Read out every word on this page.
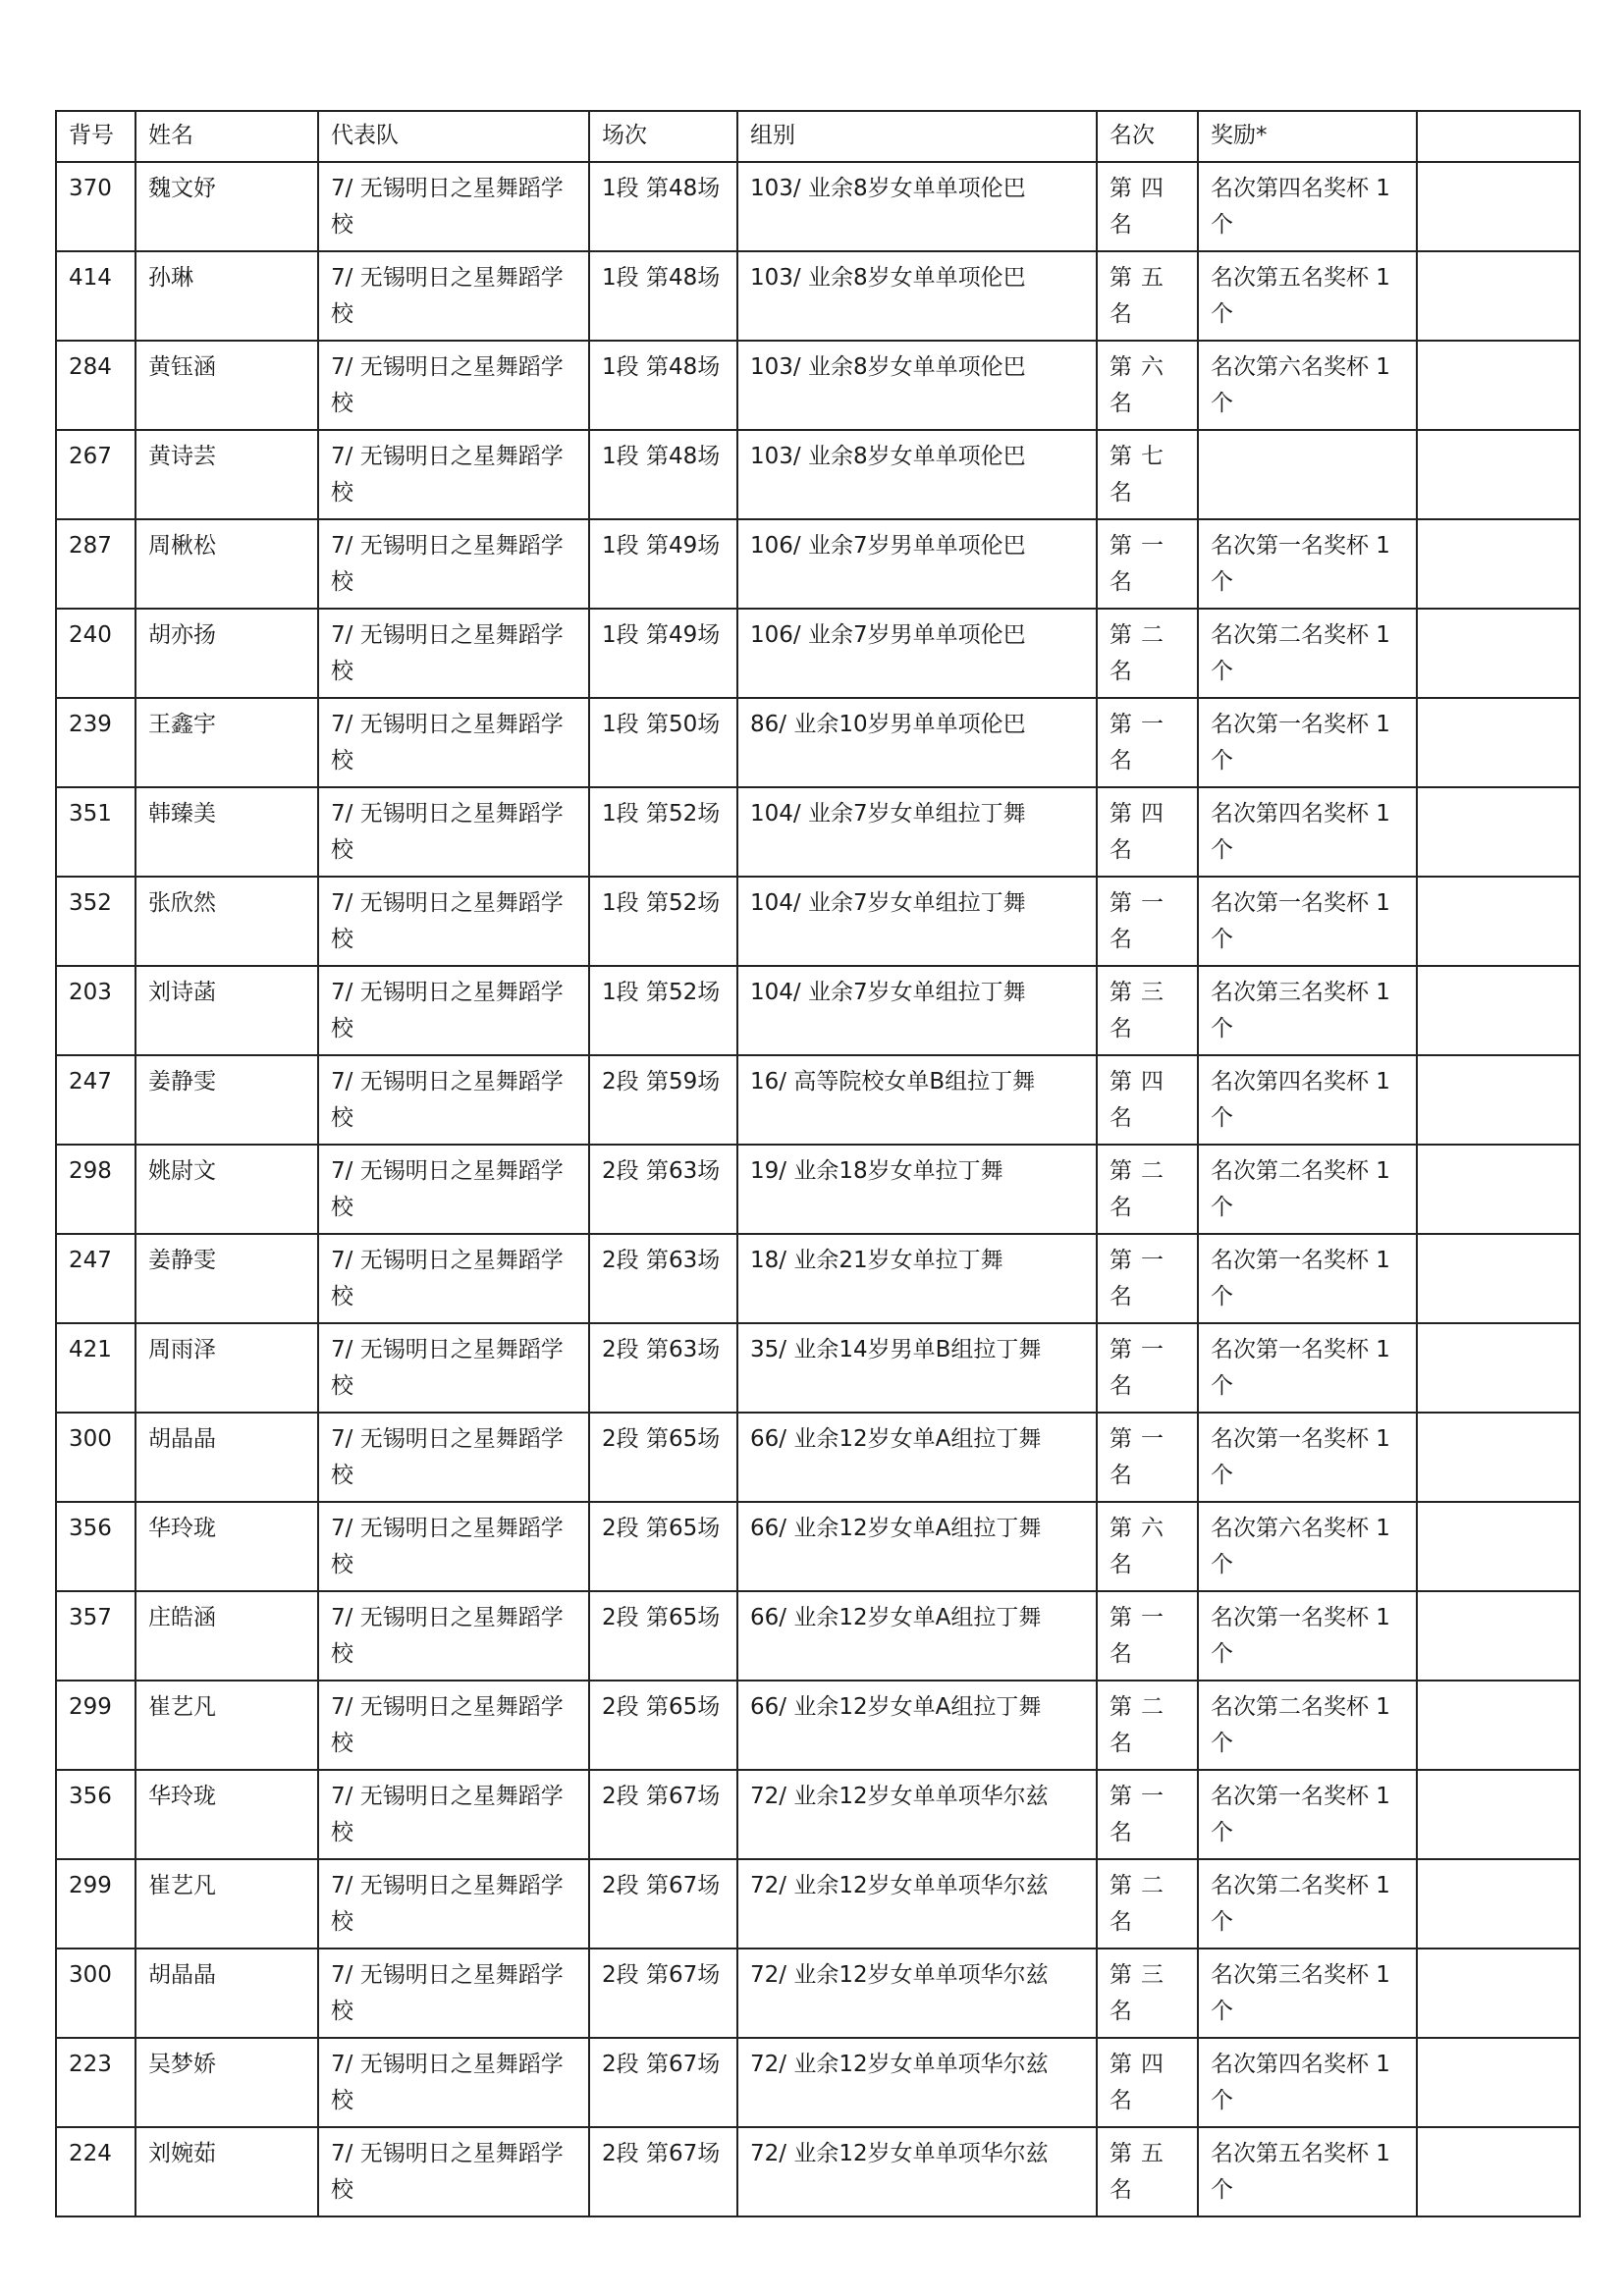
背号	姓名	代表队	场次	组别	名次	奖励*	
370	魏文妤	7/ 无锡明日之星舞蹈学校	1段 第48场	103/ 业余8岁女单单项伦巴	第四名	名次第四名奖杯 1个	
414	孙琳	7/ 无锡明日之星舞蹈学校	1段 第48场	103/ 业余8岁女单单项伦巴	第五名	名次第五名奖杯 1个	
284	黄钰涵	7/ 无锡明日之星舞蹈学校	1段 第48场	103/ 业余8岁女单单项伦巴	第六名	名次第六名奖杯 1个	
267	黄诗芸	7/ 无锡明日之星舞蹈学校	1段 第48场	103/ 业余8岁女单单项伦巴	第七名		
287	周楸松	7/ 无锡明日之星舞蹈学校	1段 第49场	106/ 业余7岁男单单项伦巴	第一名	名次第一名奖杯 1个	
240	胡亦扬	7/ 无锡明日之星舞蹈学校	1段 第49场	106/ 业余7岁男单单项伦巴	第二名	名次第二名奖杯 1个	
239	王鑫宇	7/ 无锡明日之星舞蹈学校	1段 第50场	86/ 业余10岁男单单项伦巴	第一名	名次第一名奖杯 1个	
351	韩臻美	7/ 无锡明日之星舞蹈学校	1段 第52场	104/ 业余7岁女单组拉丁舞	第四名	名次第四名奖杯 1个	
352	张欣然	7/ 无锡明日之星舞蹈学校	1段 第52场	104/ 业余7岁女单组拉丁舞	第一名	名次第一名奖杯 1个	
203	刘诗菡	7/ 无锡明日之星舞蹈学校	1段 第52场	104/ 业余7岁女单组拉丁舞	第三名	名次第三名奖杯 1个	
247	姜静雯	7/ 无锡明日之星舞蹈学校	2段 第59场	16/ 高等院校女单B组拉丁舞	第四名	名次第四名奖杯 1个	
298	姚尉文	7/ 无锡明日之星舞蹈学校	2段 第63场	19/ 业余18岁女单拉丁舞	第二名	名次第二名奖杯 1个	
247	姜静雯	7/ 无锡明日之星舞蹈学校	2段 第63场	18/ 业余21岁女单拉丁舞	第一名	名次第一名奖杯 1个	
421	周雨泽	7/ 无锡明日之星舞蹈学校	2段 第63场	35/ 业余14岁男单B组拉丁舞	第一名	名次第一名奖杯 1个	
300	胡晶晶	7/ 无锡明日之星舞蹈学校	2段 第65场	66/ 业余12岁女单A组拉丁舞	第一名	名次第一名奖杯 1个	
356	华玲珑	7/ 无锡明日之星舞蹈学校	2段 第65场	66/ 业余12岁女单A组拉丁舞	第六名	名次第六名奖杯 1个	
357	庄皓涵	7/ 无锡明日之星舞蹈学校	2段 第65场	66/ 业余12岁女单A组拉丁舞	第一名	名次第一名奖杯 1个	
299	崔艺凡	7/ 无锡明日之星舞蹈学校	2段 第65场	66/ 业余12岁女单A组拉丁舞	第二名	名次第二名奖杯 1个	
356	华玲珑	7/ 无锡明日之星舞蹈学校	2段 第67场	72/ 业余12岁女单单项华尔兹	第一名	名次第一名奖杯 1个	
299	崔艺凡	7/ 无锡明日之星舞蹈学校	2段 第67场	72/ 业余12岁女单单项华尔兹	第二名	名次第二名奖杯 1个	
300	胡晶晶	7/ 无锡明日之星舞蹈学校	2段 第67场	72/ 业余12岁女单单项华尔兹	第三名	名次第三名奖杯 1个	
223	吴梦娇	7/ 无锡明日之星舞蹈学校	2段 第67场	72/ 业余12岁女单单项华尔兹	第四名	名次第四名奖杯 1个	
224	刘婉茹	7/ 无锡明日之星舞蹈学校	2段 第67场	72/ 业余12岁女单单项华尔兹	第五名	名次第五名奖杯 1个	
